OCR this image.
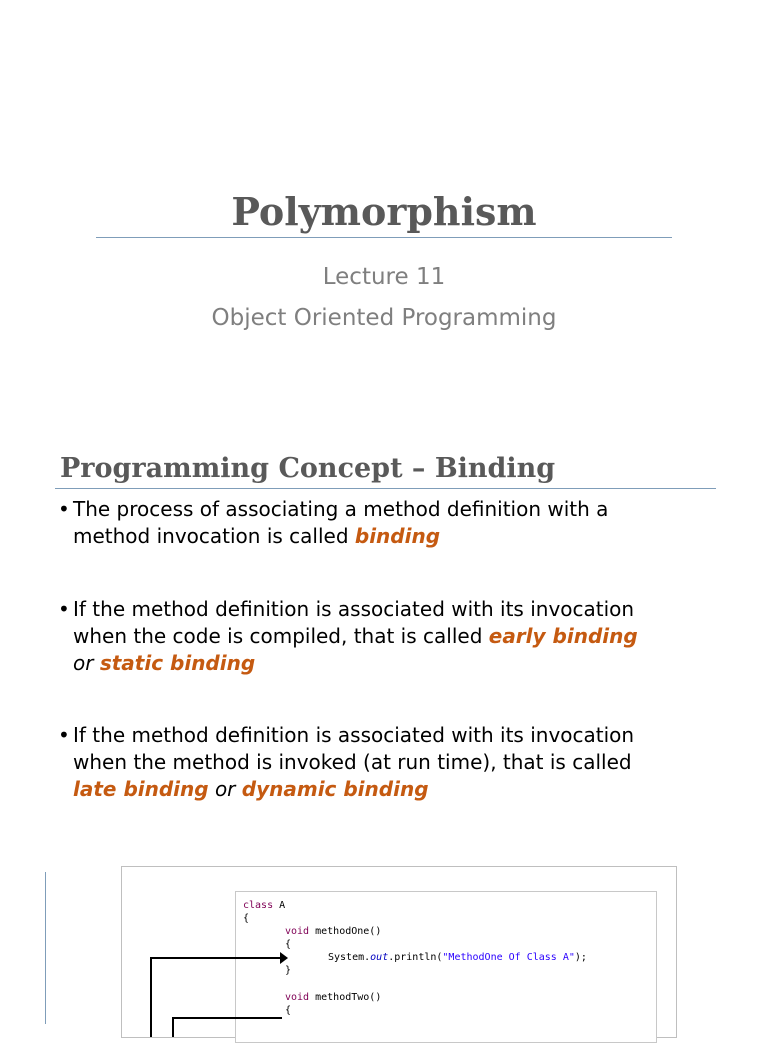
Polymorphism
Lecture 11
Object Oriented Programming
Programming Concept – Binding
• The process of associating a method definition with a
method invocation is called binding
• If the method definition is associated with its invocation
when the code is compiled, that is called early binding
or static binding
• If the method definition is associated with its invocation
when the method is invoked (at run time), that is called
late binding or dynamic binding
class A
{
void methodOne()
{
System.out.println("MethodOne Of Class A");
}
void methodTwo()
{
